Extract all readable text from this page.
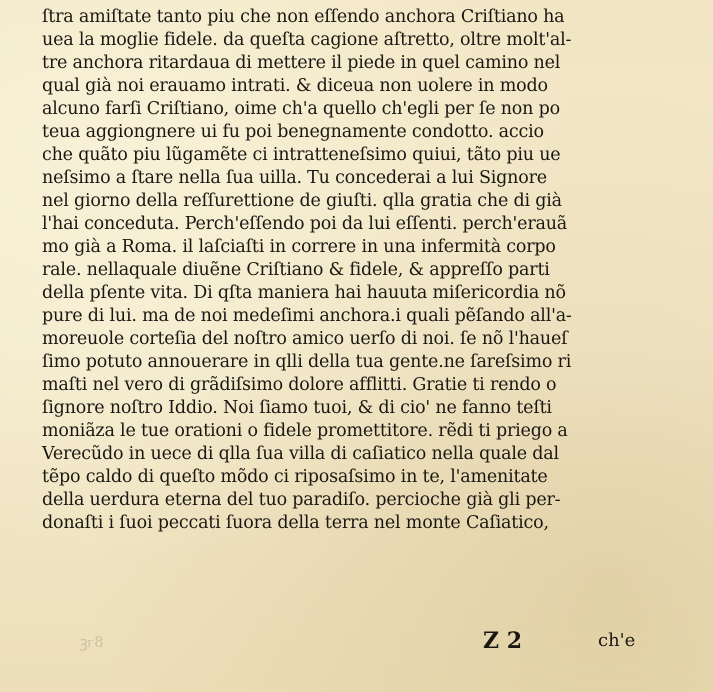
ſtra amiſtate tanto piu che non eſſendo anchora Criſtiano ha
uea la moglie fidele. da queſta cagione aſtretto, oltre molt'al-
tre anchora ritardaua di mettere il piede in quel camino nel
qual già noi erauamo intrati. & diceua non uolere in modo
alcuno farſi Criſtiano, oime ch'a quello ch'egli per ſe non po
teua aggiongnere ui fu poi benegnamente condotto. accio
che quãto piu lũgamẽte ci intratteneſsimo quiui, tãto piu ue
neſsimo a ſtare nella ſua uilla. Tu concederai a lui Signore
nel giorno della reſſurettione de giuſti. qlla gratia che di già
l'hai conceduta. Perch'eſſendo poi da lui eſſenti. perch'erauã
mo già a Roma. il laſciaſti in correre in una infermità corpo
rale. nellaquale diuẽne Criſtiano & fidele, & appreſſo parti
della pſente vita. Di qſta maniera hai hauuta miſericordia nõ
pure di lui. ma de noi medeſimi anchora.i quali pẽſando all'a-
moreuole corteſia del noſtro amico uerſo di noi. ſe nõ l'haueſ
ſimo potuto annouerare in qlli della tua gente.ne ſareſsimo ri
maſti nel vero di grãdiſsimo dolore afflitti. Gratie ti rendo o
ſignore noſtro Iddio. Noi ſiamo tuoi, & di cio' ne fanno teſti
moniãza le tue orationi o fidele promettitore. rẽdi ti priego a
Verecũdo in uece di qlla ſua villa di caſiatico nella quale dal
tẽpo caldo di queſto mõdo ci riposaſsimo in te, l'amenitate
della uerdura eterna del tuo paradiſo. percioche già gli per-
donaſti i ſuoi peccati ſuora della terra nel monte Caſiatico,
ꝫⲅ8	Z 2	ch'e
